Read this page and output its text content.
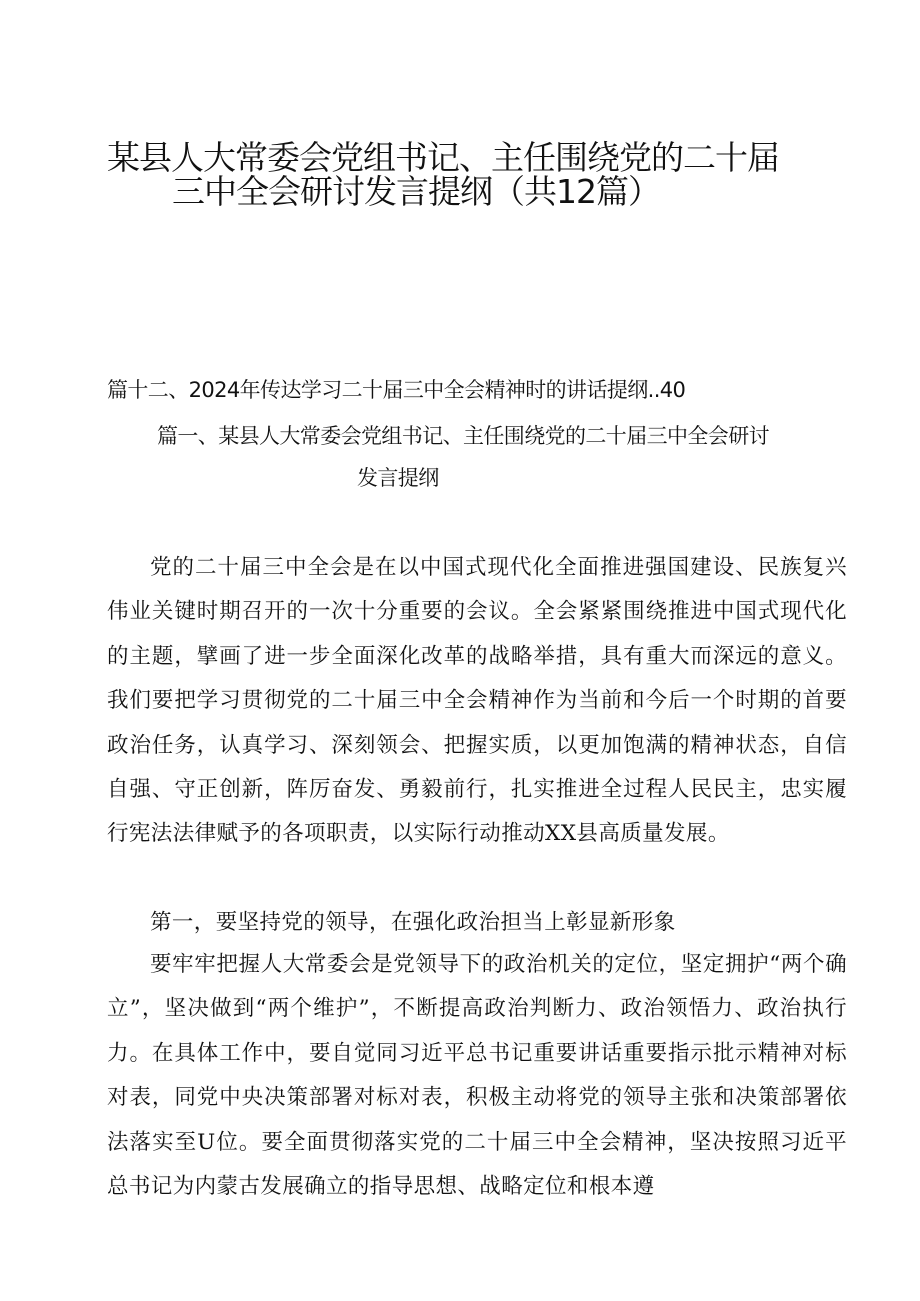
某县人大常委会党组书记、主任围绕党的二十届
三中全会研讨发言提纲（共12篇）
篇十二、2024年传达学习二十届三中全会精神时的讲话提纲..40
篇一、某县人大常委会党组书记、主任围绕党的二十届三中全会研讨
发言提纲

党的二十届三中全会是在以中国式现代化全面推进强国建设、民族复兴伟业关键时期召开的一次十分重要的会议。全会紧紧围绕推进中国式现代化的主题，擘画了进一步全面深化改革的战略举措，具有重大而深远的意义。我们要把学习贯彻党的二十届三中全会精神作为当前和今后一个时期的首要政治任务，认真学习、深刻领会、把握实质，以更加饱满的精神状态，自信自强、守正创新，阵厉奋发、勇毅前行，扎实推进全过程人民民主，忠实履行宪法法律赋予的各项职责，以实际行动推动XX县高质量发展。

第一，要坚持党的领导，在强化政治担当上彰显新形象

要牢牢把握人大常委会是党领导下的政治机关的定位，坚定拥护“两个确立”，坚决做到“两个维护”，不断提高政治判断力、政治领悟力、政治执行力。在具体工作中，要自觉同习近平总书记重要讲话重要指示批示精神对标对表，同党中央决策部署对标对表，积极主动将党的领导主张和决策部署依法落实至U位。要全面贯彻落实党的二十届三中全会精神，坚决按照习近平总书记为内蒙古发展确立的指导思想、战略定位和根本遵
